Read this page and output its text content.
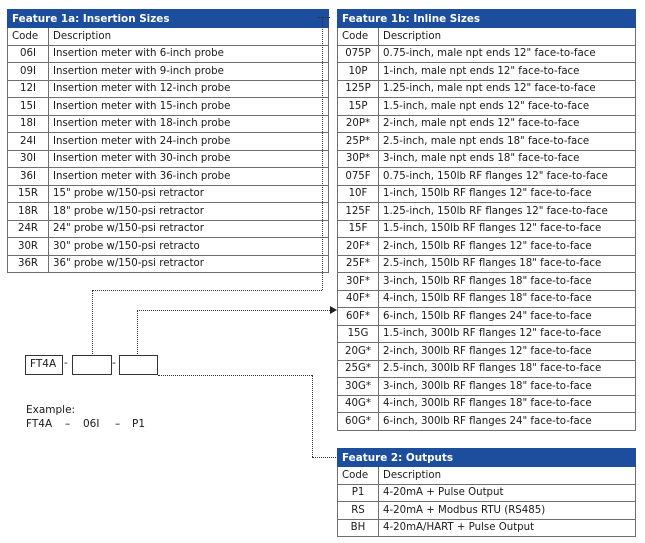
Feature 1a: Insertion Sizes	
Code	Description
06I	Insertion meter with 6-inch probe
09I	Insertion meter with 9-inch probe
12I	Insertion meter with 12-inch probe
15I	Insertion meter with 15-inch probe
18I	Insertion meter with 18-inch probe
24I	Insertion meter with 24-inch probe
30I	Insertion meter with 30-inch probe
36I	Insertion meter with 36-inch probe
15R	15" probe w/150-psi retractor
18R	18" probe w/150-psi retractor
24R	24" probe w/150-psi retractor
30R	30" probe w/150-psi retracto
36R	36" probe w/150-psi retractor
Feature 1b: Inline Sizes	
Code	Description
075P	0.75-inch, male npt ends 12" face-to-face
10P	1-inch, male npt ends 12" face-to-face
125P	1.25-inch, male npt ends 12" face-to-face
15P	1.5-inch, male npt ends 12" face-to-face
20P*	2-inch, male npt ends 12" face-to-face
25P*	2.5-inch, male npt ends 18" face-to-face
30P*	3-inch, male npt ends 18" face-to-face
075F	0.75-inch, 150lb RF flanges 12" face-to-face
10F	1-inch, 150lb RF flanges 12" face-to-face
125F	1.25-inch, 150lb RF flanges 12" face-to-face
15F	1.5-inch, 150lb RF flanges 12" face-to-face
20F*	2-inch, 150lb RF flanges 12" face-to-face
25F*	2.5-inch, 150lb RF flanges 18" face-to-face
30F*	3-inch, 150lb RF flanges 18" face-to-face
40F*	4-inch, 150lb RF flanges 18" face-to-face
60F*	6-inch, 150lb RF flanges 24" face-to-face
15G	1.5-inch, 300lb RF flanges 12" face-to-face
20G*	2-inch, 300lb RF flanges 12" face-to-face
25G*	2.5-inch, 300lb RF flanges 18" face-to-face
30G*	3-inch, 300lb RF flanges 18" face-to-face
40G*	4-inch, 300lb RF flanges 18" face-to-face
60G*	6-inch, 300lb RF flanges 24" face-to-face
Feature 2: Outputs	
Code	Description
P1	4-20mA + Pulse Output
RS	4-20mA + Modbus RTU (RS485)
BH	4-20mA/HART + Pulse Output
FT4A -	-
Example:
FT4A – 06I – P1
